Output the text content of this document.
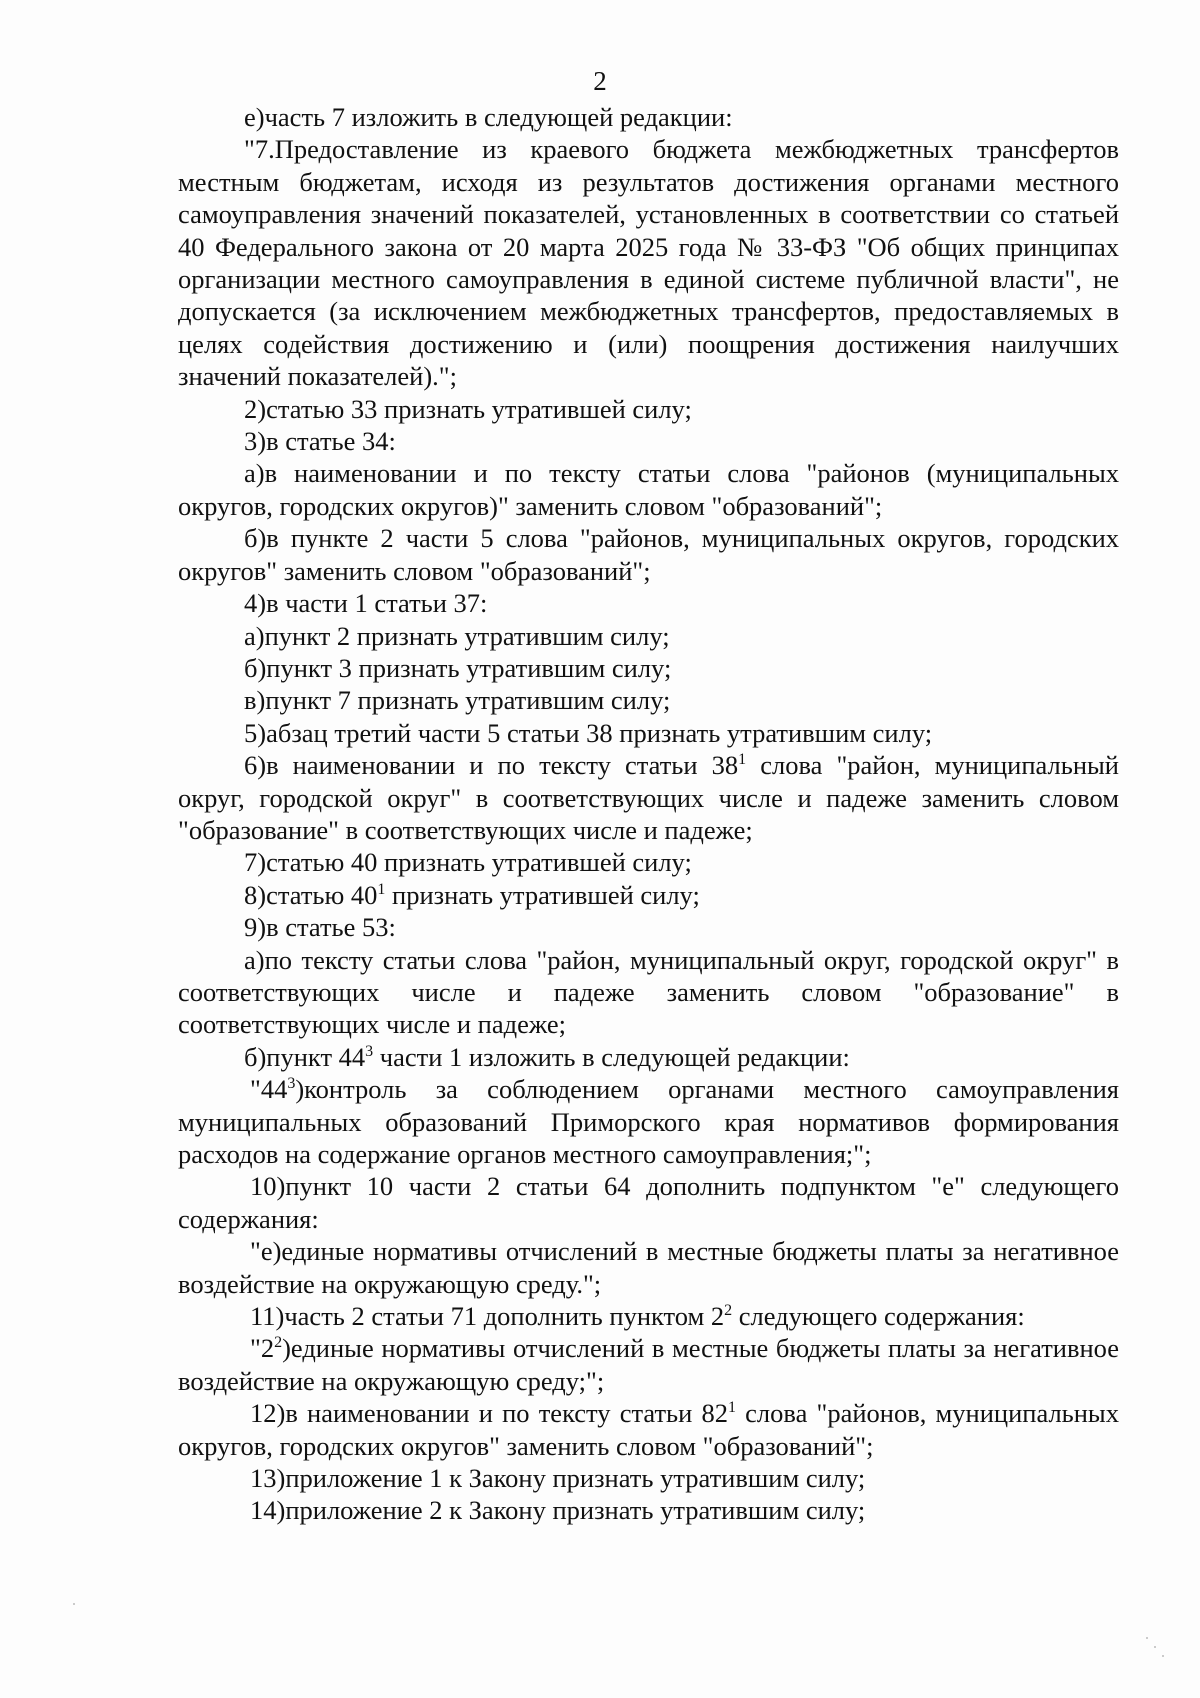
2

е)часть 7 изложить в следующей редакции:

"7.Предоставление из краевого бюджета межбюджетных трансфертов местным бюджетам, исходя из результатов достижения органами местного самоуправления значений показателей, установленных в соответствии со статьей 40 Федерального закона от 20 марта 2025 года № 33-ФЗ "Об общих принципах организации местного самоуправления в единой системе публичной власти", не допускается (за исключением межбюджетных трансфертов, предоставляемых в целях содействия достижению и (или) поощрения достижения наилучших значений показателей).";

2)статью 33 признать утратившей силу;

3)в статье 34:

а)в наименовании и по тексту статьи слова "районов (муниципальных округов, городских округов)" заменить словом "образований";

б)в пункте 2 части 5 слова "районов, муниципальных округов, городских округов" заменить словом "образований";

4)в части 1 статьи 37:

а)пункт 2 признать утратившим силу;

б)пункт 3 признать утратившим силу;

в)пункт 7 признать утратившим силу;

5)абзац третий части 5 статьи 38 признать утратившим силу;

6)в наименовании и по тексту статьи $38^1$ слова "район, муниципальный округ, городской округ" в соответствующих числе и падеже заменить словом "образование" в соответствующих числе и падеже;

7)статью 40 признать утратившей силу;

8)статью $40^1$ признать утратившей силу;

9)в статье 53:

а)по тексту статьи слова "район, муниципальный округ, городской округ" в соответствующих числе и падеже заменить словом "образование" в соответствующих числе и падеже;

б)пункт $44^3$ части 1 изложить в следующей редакции:

"$44^3)контроль$ за соблюдением органами местного самоуправления муниципальных образований Приморского края нормативов формирования расходов на содержание органов местного самоуправления;";

10)пункт 10 части 2 статьи 64 дополнить подпунктом "е" следующего содержания:

"е)единые нормативы отчислений в местные бюджеты платы за негативное воздействие на окружающую среду.";

11)часть 2 статьи 71 дополнить пунктом $2^2$ следующего содержания:

"$2^2)единые$ нормативы отчислений в местные бюджеты платы за негативное воздействие на окружающую среду;";

12)в наименовании и по тексту статьи $82^1$ слова "районов, муниципальных округов, городских округов" заменить словом "образований";

13)приложение 1 к Закону признать утратившим силу;

14)приложение 2 к Закону признать утратившим силу;
